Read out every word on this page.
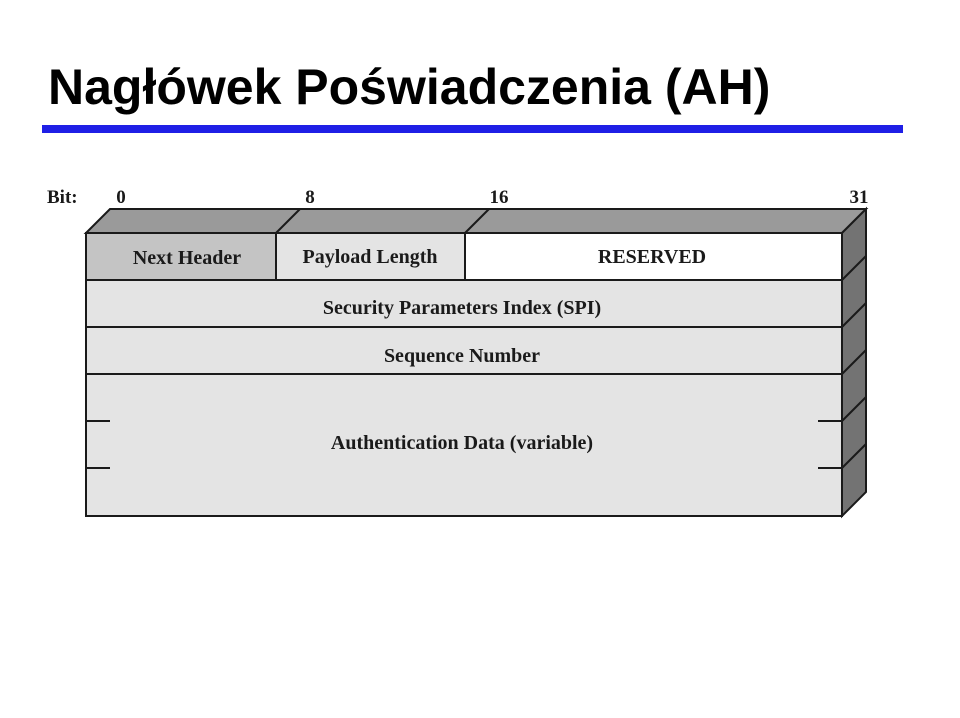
Nagłówek Poświadczenia (AH)
Bit: 0	8	16	31
Next Header	Payload Length	RESERVED
Security Parameters Index (SPI)
Sequence Number
Authentication Data (variable)
